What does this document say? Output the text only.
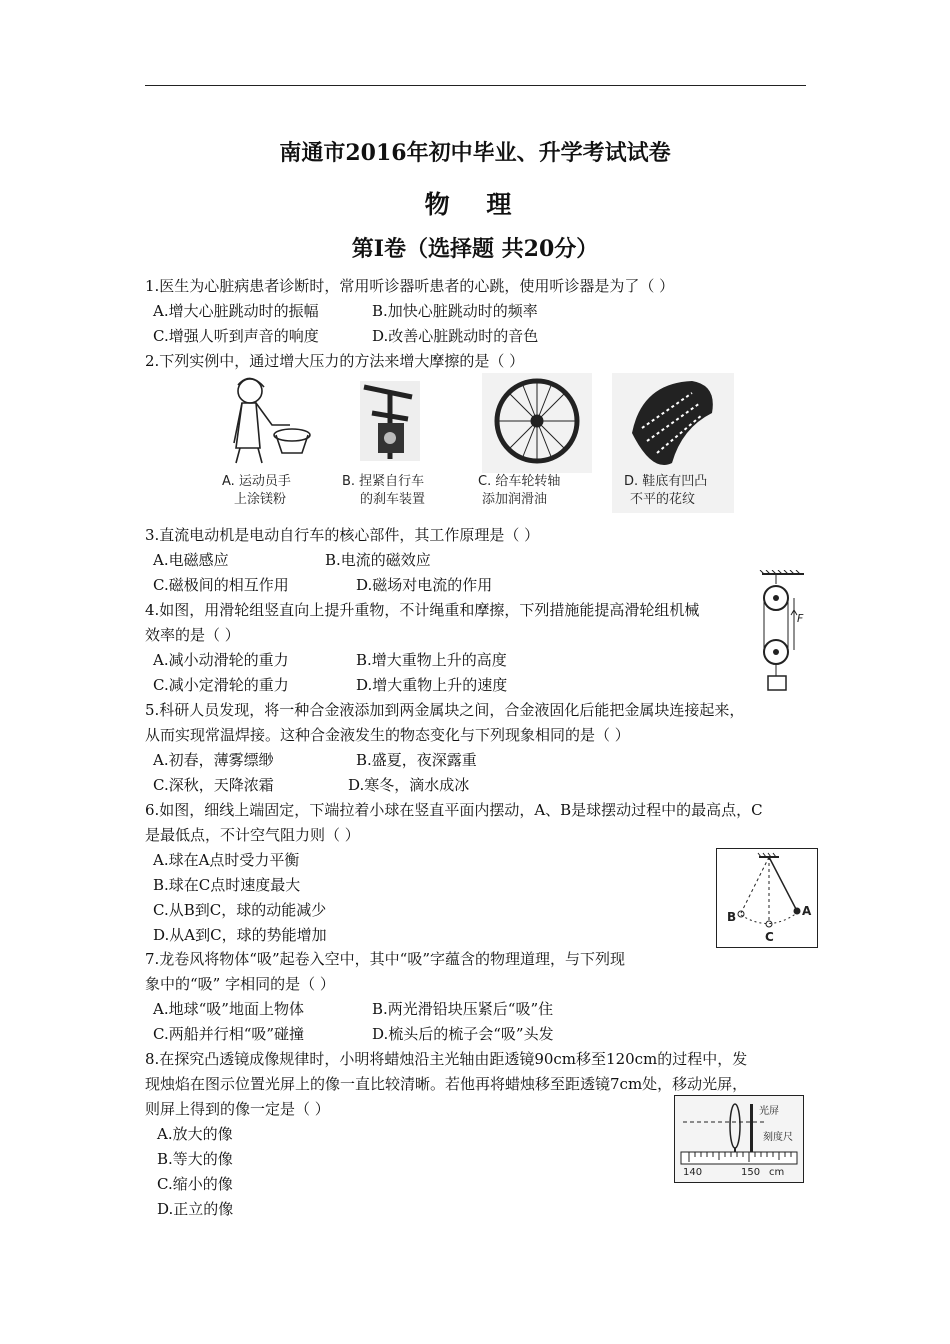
南通市2016年初中毕业、升学考试试卷
物 理
第Ⅰ卷（选择题 共20分）
1.医生为心脏病患者诊断时，常用听诊器听患者的心跳，使用听诊器是为了（ ）
A.增大心脏跳动时的振幅	B.加快心脏跳动时的频率
C.增强人听到声音的响度	D.改善心脏跳动时的音色
2.下列实例中，通过增大压力的方法来增大摩擦的是（ ）
A. 运动员手
上涂镁粉
B. 捏紧自行车
的刹车装置
C. 给车轮转轴
添加润滑油
D. 鞋底有凹凸
不平的花纹
3.直流电动机是电动自行车的核心部件，其工作原理是（ ）
A.电磁感应	B.电流的磁效应
C.磁极间的相互作用	D.磁场对电流的作用
4.如图，用滑轮组竖直向上提升重物，不计绳重和摩擦，下列措施能提高滑轮组机械
效率的是（ ）
A.减小动滑轮的重力	B.增大重物上升的高度
C.减小定滑轮的重力	D.增大重物上升的速度
F
5.科研人员发现，将一种合金液添加到两金属块之间，合金液固化后能把金属块连接起来，
从而实现常温焊接。这种合金液发生的物态变化与下列现象相同的是（ ）
A.初春，薄雾缥缈	B.盛夏，夜深露重
C.深秋，天降浓霜	D.寒冬，滴水成冰
6.如图，细线上端固定，下端拉着小球在竖直平面内摆动，A、B是球摆动过程中的最高点，C
是最低点，不计空气阻力则（ ）
A.球在A点时受力平衡
B.球在C点时速度最大
C.从B到C，球的动能减少
D.从A到C，球的势能增加
A
B
C
7.龙卷风将物体“吸”起卷入空中，其中“吸”字蕴含的物理道理，与下列现
象中的“吸” 字相同的是（ ）
A.地球“吸”地面上物体	B.两光滑铅块压紧后“吸”住
C.两船并行相“吸”碰撞	D.梳头后的梳子会“吸”头发
8.在探究凸透镜成像规律时，小明将蜡烛沿主光轴由距透镜90cm移至120cm的过程中，发
现烛焰在图示位置光屏上的像一直比较清晰。若他再将蜡烛移至距透镜7cm处，移动光屏，
则屏上得到的像一定是（ ）
A.放大的像
B.等大的像
C.缩小的像
D.正立的像
光屏
刻度尺
140	150 cm
